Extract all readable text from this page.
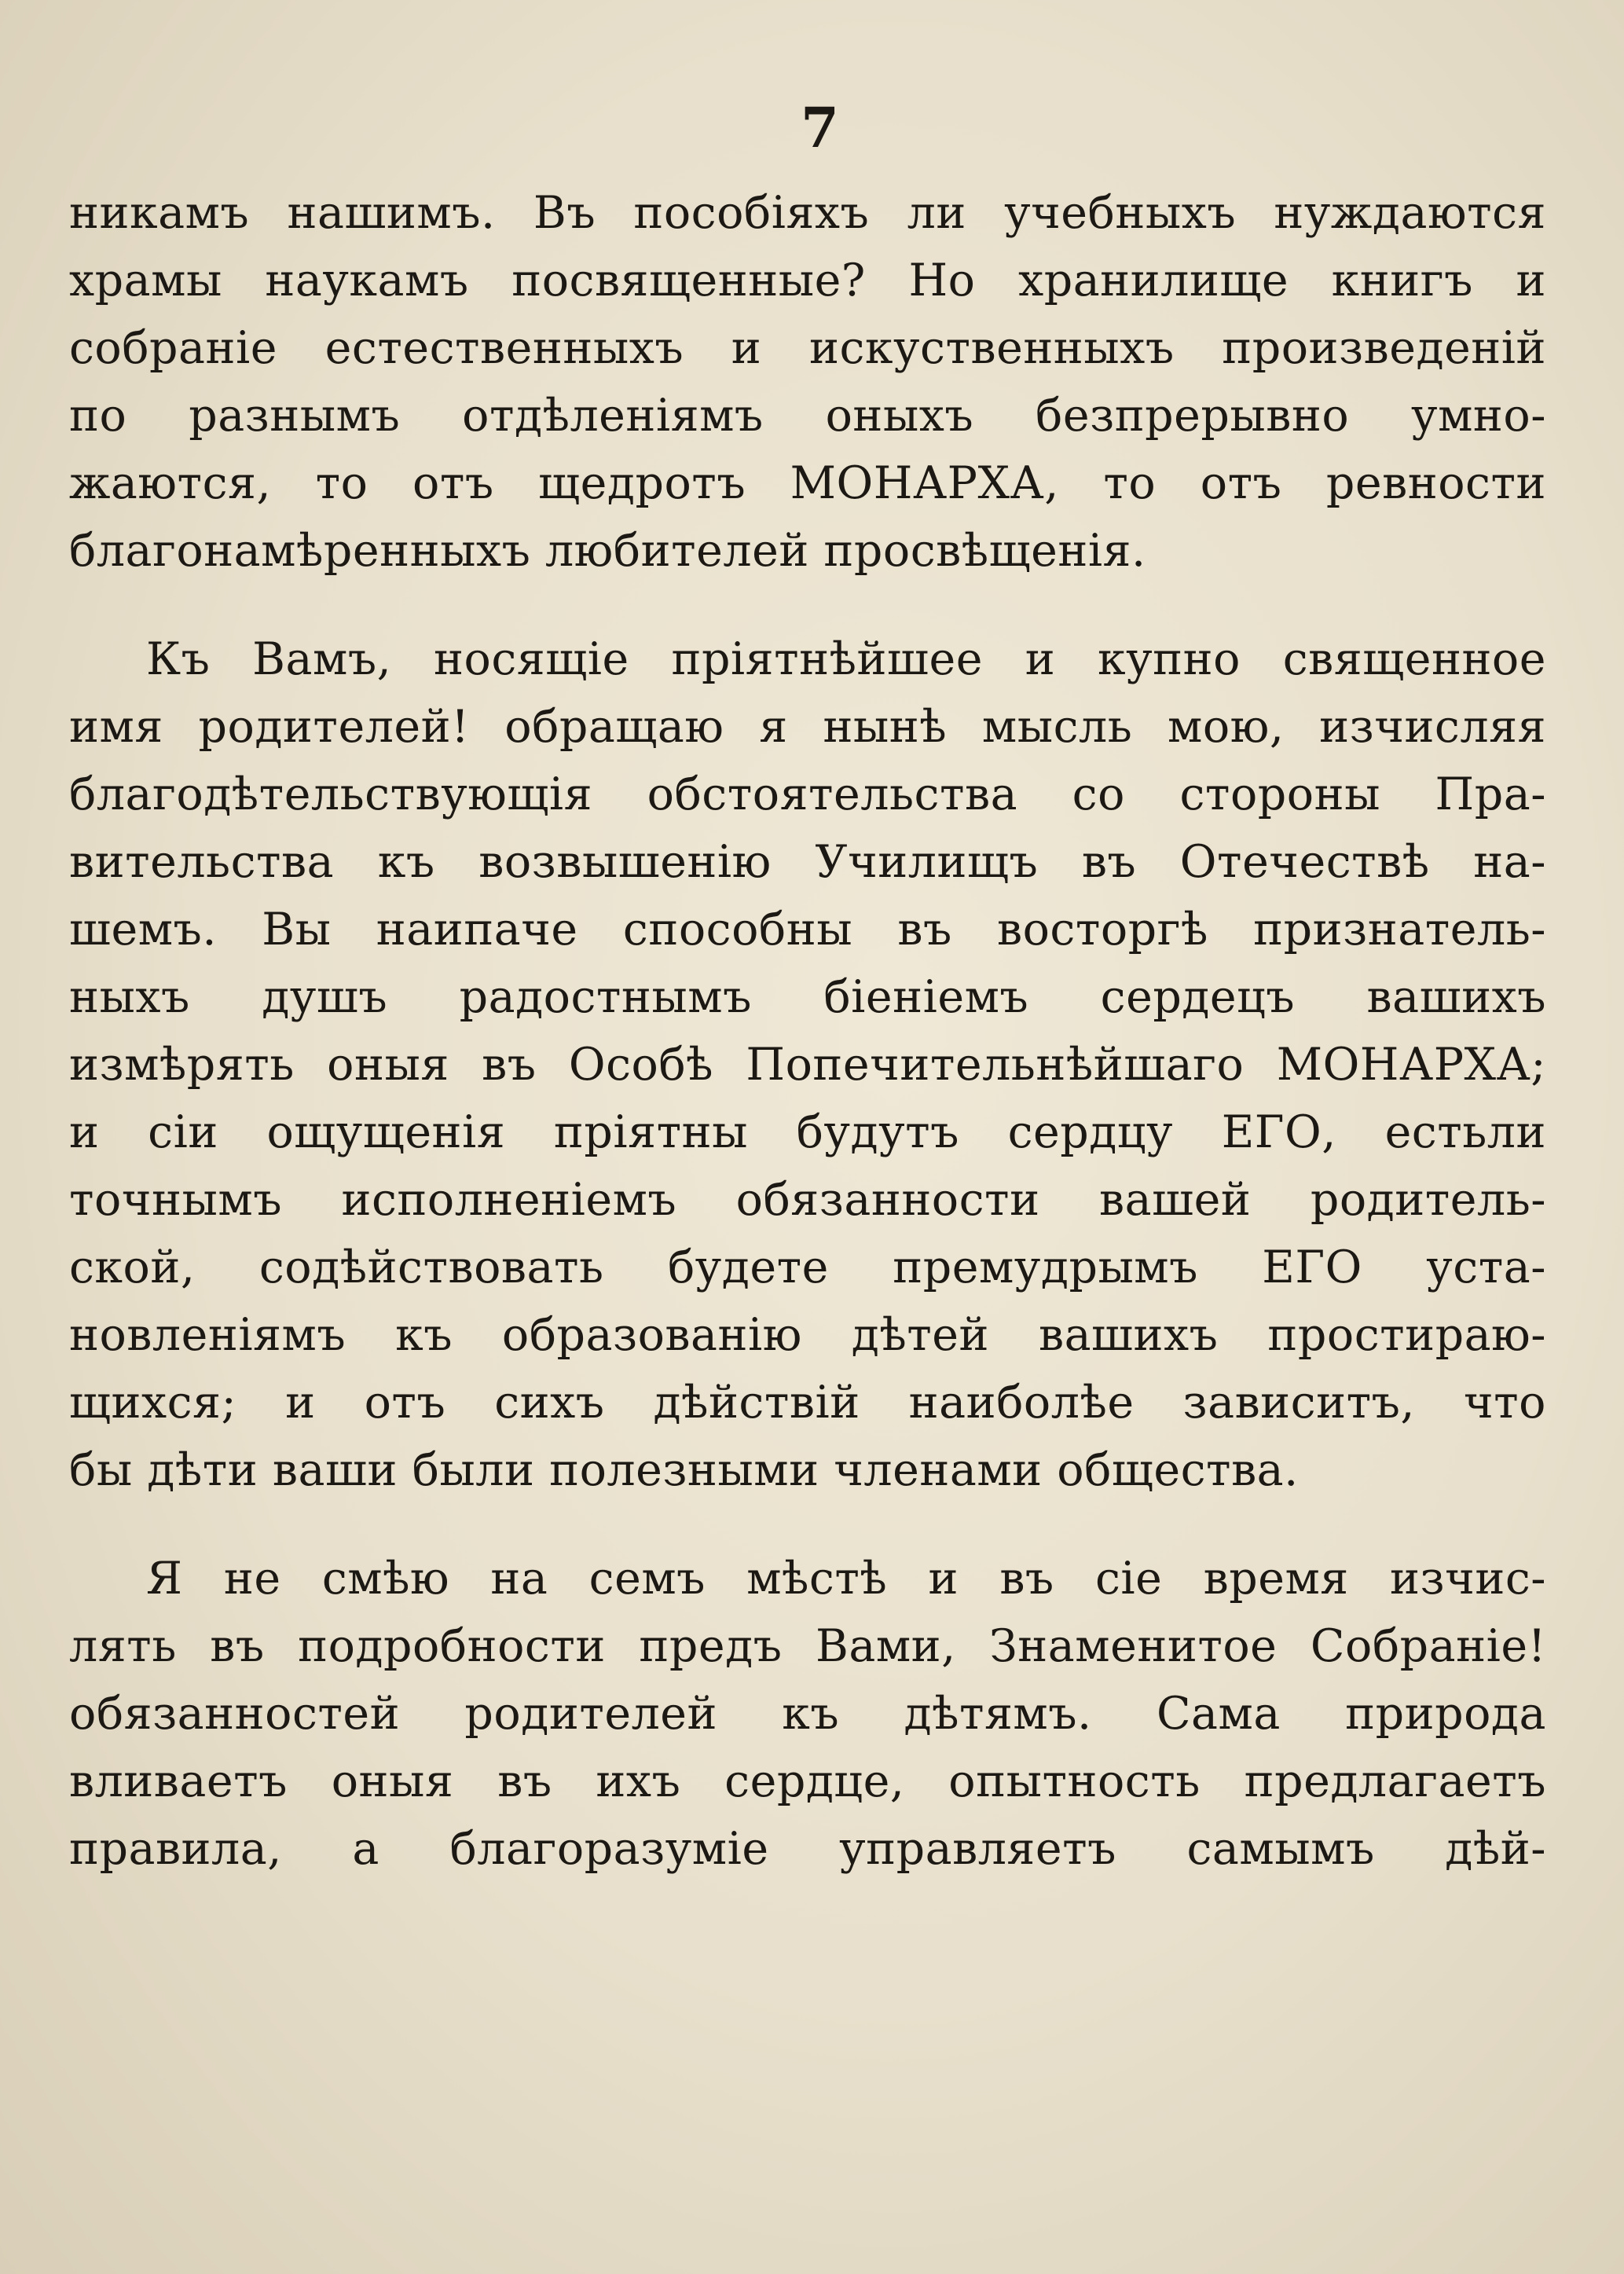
7
никамъ нашимъ. Въ пособіяхъ ли учебныхъ нуждаются
храмы наукамъ посвященные? Но хранилище книгъ и
собраніе естественныхъ и искуственныхъ произведеній
по разнымъ отдѣленіямъ оныхъ безпрерывно умно-
жаются, то отъ щедротъ МОНАРХА, то отъ ревности
благонамѣренныхъ любителей просвѣщенія.
Къ Вамъ, носящіе пріятнѣйшее и купно священное
имя родителей! обращаю я нынѣ мысль мою, изчисляя
благодѣтельствующія обстоятельства со стороны Пра-
вительства къ возвышенію Училищъ въ Отечествѣ на-
шемъ. Вы наипаче способны въ восторгѣ признатель-
ныхъ душъ радостнымъ біеніемъ сердецъ вашихъ
измѣрять оныя въ Особѣ Попечительнѣйшаго МОНАРХА;
и сіи ощущенія пріятны будутъ сердцу ЕГО, естьли
точнымъ исполненіемъ обязанности вашей родитель-
ской, содѣйствовать будете премудрымъ ЕГО уста-
новленіямъ къ образованію дѣтей вашихъ простираю-
щихся; и отъ сихъ дѣйствій наиболѣе зависитъ, что
бы дѣти ваши были полезными членами общества.
Я не смѣю на семъ мѣстѣ и въ сіе время изчис-
лять въ подробности предъ Вами, Знаменитое Собраніе!
обязанностей родителей къ дѣтямъ. Сама природа
вливаетъ оныя въ ихъ сердце, опытность предлагаетъ
правила, а благоразуміе управляетъ самымъ дѣй-
